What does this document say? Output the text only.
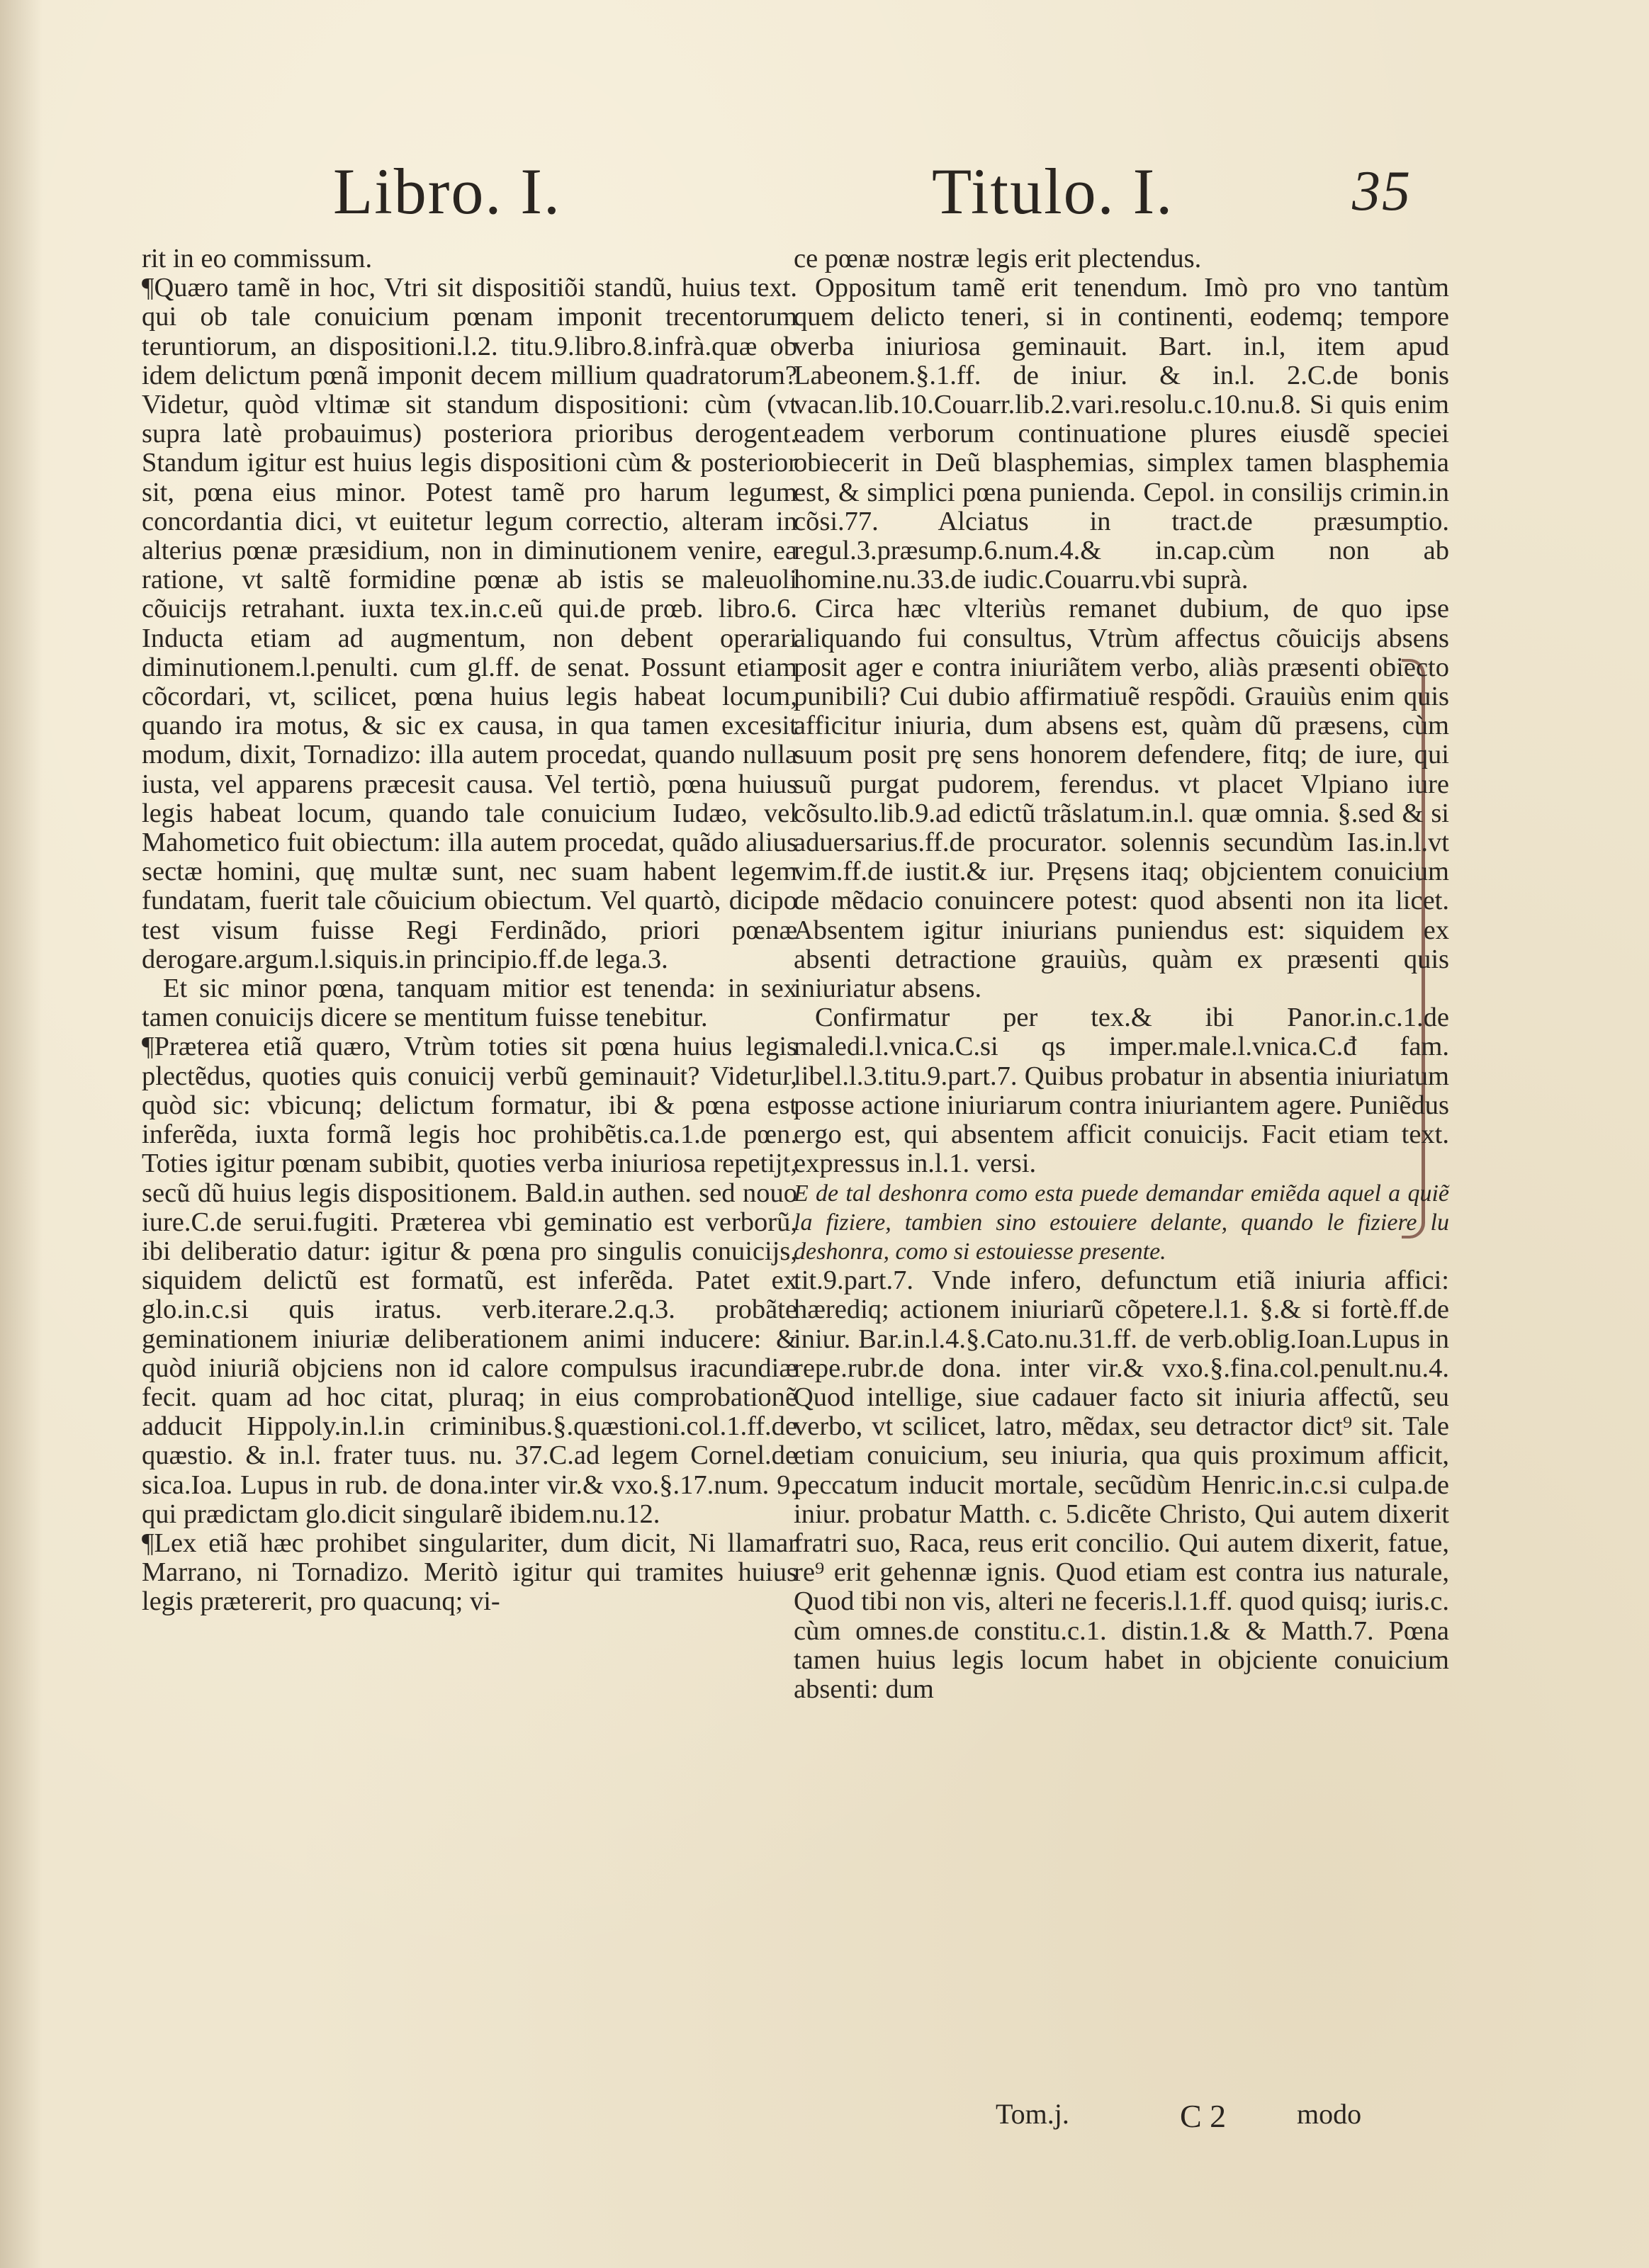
Libro. I.	Titulo. I.	35

rit in eo commissum.

¶ Quæro tamẽ in hoc, Vtri sit dispositiõi standũ, huius text. qui ob tale conuicium pœnam imponit trecentorum teruntiorum, an dispositioni.l.2. titu.9.libro.8.infrà.quæ ob idem delictum pœnã imponit decem millium quadratorum? Videtur, quòd vltimæ sit standum dispositioni: cùm (vt supra latè probauimus) posteriora prioribus derogent. Standum igitur est huius legis dispositioni cùm & posterior sit, pœna eius minor. Potest tamẽ pro harum legum concordantia dici, vt euitetur legum correctio, alteram in alterius pœnæ præsidium, non in diminutionem venire, ea ratione, vt saltẽ formidine pœnæ ab istis se maleuoli cõuicijs retrahant. iuxta tex.in.c.eũ qui.de prœb. libro.6. Inducta etiam ad augmentum, non debent operari diminutionem.l.penulti. cum gl.ff. de senat. Possunt etiam cõcordari, vt, scilicet, pœna huius legis habeat locum, quando ira motus, & sic ex causa, in qua tamen excesit modum, dixit, Tornadizo: illa autem procedat, quando nulla iusta, vel apparens præcesit causa. Vel tertiò, pœna huius legis habeat locum, quando tale conuicium Iudæo, vel Mahometico fuit obiectum: illa autem procedat, quãdo alius sectæ homini, quę multæ sunt, nec suam habent legem fundatam, fuerit tale cõuicium obiectum. Vel quartò, dicipo test visum fuisse Regi Ferdinãdo, priori pœnæ derogare.argum.l.siquis.in principio.ff.de lega.3.

Et sic minor pœna, tanquam mitior est tenenda: in sex tamen conuicijs dicere se mentitum fuisse tenebitur.

¶ Præterea etiã quæro, Vtrùm toties sit pœna huius legis plectẽdus, quoties quis conuicij verbũ geminauit? Videtur, quòd sic: vbicunq; delictum formatur, ibi & pœna est inferẽda, iuxta formã legis hoc prohibẽtis.ca.1.de pœn. Toties igitur pœnam subibit, quoties verba iniuriosa repetijt, secũ dũ huius legis dispositionem. Bald.in authen. sed nouo iure.C.de serui.fugiti. Præterea vbi geminatio est verborũ, ibi deliberatio datur: igitur & pœna pro singulis conuicijs, siquidem delictũ est formatũ, est inferẽda. Patet ex glo.in.c.si quis iratus. verb.iterare.2.q.3. probãte geminationem iniuriæ deliberationem animi inducere: & quòd iniuriã objciens non id calore compulsus iracundiæ fecit. quam ad hoc citat, pluraq; in eius comprobationẽ adducit Hippoly.in.l.in criminibus.§.quæstioni.col.1.ff.de quæstio. & in.l. frater tuus. nu. 37.C.ad legem Cornel.de sica.Ioa. Lupus in rub. de dona.inter vir.& vxo.§.17.num. 9. qui prædictam glo.dicit singularẽ ibidem.nu.12.

¶ Lex etiã hæc prohibet singulariter, dum dicit, Ni llamar Marrano, ni Tornadizo. Meritò igitur qui tramites huius legis prætererit, pro quacunq; vi-

ce pœnæ nostræ legis erit plectendus.

Oppositum tamẽ erit tenendum. Imò pro vno tantùm quem delicto teneri, si in continenti, eodemq; tempore verba iniuriosa geminauit. Bart. in.l, item apud Labeonem.§.1.ff. de iniur. & in.l. 2.C.de bonis vacan.lib.10.Couarr.lib.2.vari.resolu.c.10.nu.8. Si quis enim eadem verborum continuatione plures eiusdẽ speciei obiecerit in Deũ blasphemias, simplex tamen blasphemia est, & simplici pœna punienda. Cepol. in consilijs crimin.in cõsi.77. Alciatus in tract.de præsumptio. regul.3.præsump.6.num.4.& in.cap.cùm non ab homine.nu.33.de iudic.Couarru.vbi suprà.

Circa hæc vlteriùs remanet dubium, de quo ipse aliquando fui consultus, Vtrùm affectus cõuicijs absens posit ager e contra iniuriãtem verbo, aliàs præsenti obiecto punibili? Cui dubio affirmatiuẽ respõdi. Grauiùs enim quis afficitur iniuria, dum absens est, quàm dũ præsens, cùm suum posit prę sens honorem defendere, fitq; de iure, qui suũ purgat pudorem, ferendus. vt placet Vlpiano iure cõsulto.lib.9.ad edictũ trãslatum.in.l. quæ omnia. §.sed & si aduersarius.ff.de procurator. solennis secundùm Ias.in.l.vt vim.ff.de iustit.& iur. Pręsens itaq; objcientem conuicium de mẽdacio conuincere potest: quod absenti non ita licet. Absentem igitur iniurians puniendus est: siquidem ex absenti detractione grauiùs, quàm ex præsenti quis iniuriatur absens.

Confirmatur per tex.& ibi Panor.in.c.1.de maledi.l.vnica.C.si qs imper.male.l.vnica.C.đ fam. libel.l.3.titu.9.part.7. Quibus probatur in absentia iniuriatum posse actione iniuriarum contra iniuriantem agere. Puniẽdus ergo est, qui absentem afficit conuicijs. Facit etiam text. expressus in.l.1. versi.

E de tal deshonra como esta puede demandar emiẽda aquel a quiẽ la fiziere, tambien sino estouiere delante, quando le fiziere lu deshonra, como si estouiesse presente.

tit.9.part.7. Vnde infero, defunctum etiã iniuria affici: hærediq; actionem iniuriarũ cõpetere.l.1. §.& si fortè.ff.de iniur. Bar.in.l.4.§.Cato.nu.31.ff. de verb.oblig.Ioan.Lupus in repe.rubr.de dona. inter vir.& vxo.§.fina.col.penult.nu.4. Quod intellige, siue cadauer facto sit iniuria affectũ, seu verbo, vt scilicet, latro, mẽdax, seu detractor dict⁹ sit. Tale etiam conuicium, seu iniuria, qua quis proximum afficit, peccatum inducit mortale, secũdùm Henric.in.c.si culpa.de iniur. probatur Matth. c. 5.dicẽte Christo, Qui autem dixerit fratri suo, Raca, reus erit concilio. Qui autem dixerit, fatue, re⁹ erit gehennæ ignis. Quod etiam est contra ius naturale, Quod tibi non vis, alteri ne feceris.l.1.ff. quod quisq; iuris.c. cùm omnes.de constitu.c.1. distin.1.& & Matth.7. Pœna tamen huius legis locum habet in objciente conuicium absenti: dum

Tom.j.	C 2 modo
